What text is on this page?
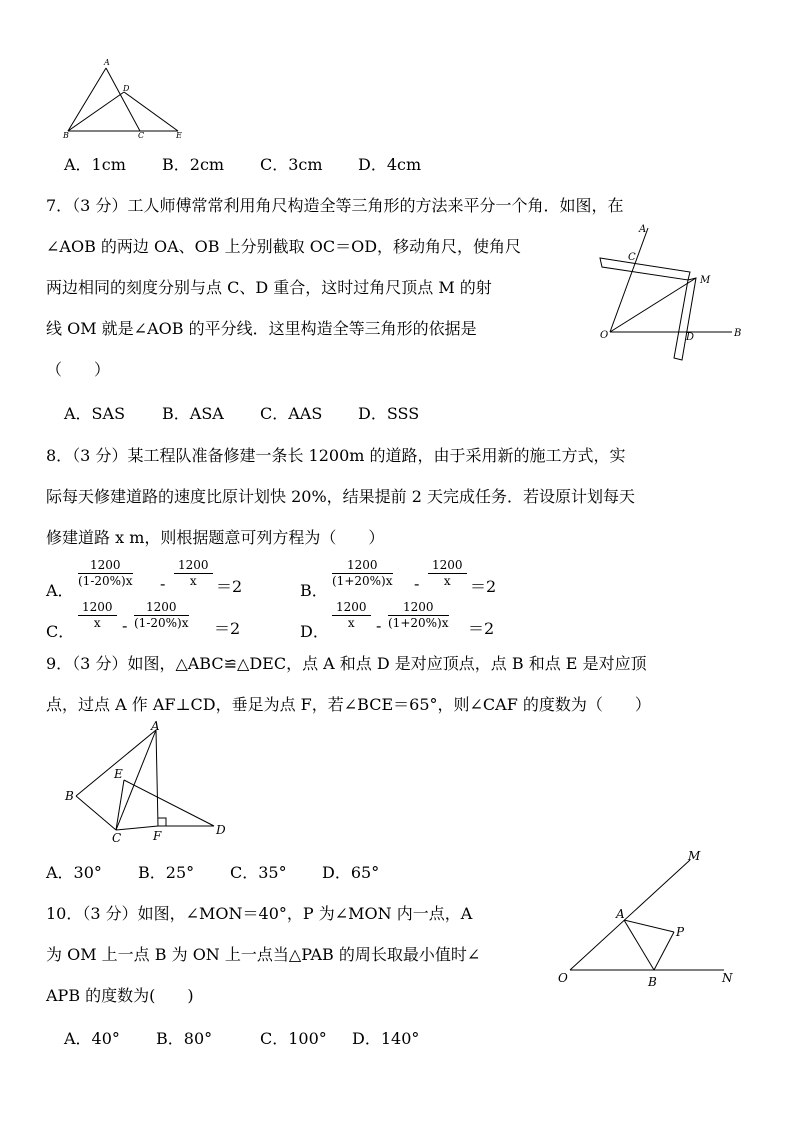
A
D
B	C	E
A．1cm B．2cm C．3cm D．4cm
7．（3 分）工人师傅常常利用角尺构造全等三角形的方法来平分一个角．如图，在
∠AOB 的两边 OA、OB 上分别截取 OC＝OD，移动角尺，使角尺
两边相同的刻度分别与点 C、D 重合，这时过角尺顶点 M 的射
线 OM 就是∠AOB 的平分线．这里构造全等三角形的依据是
（　　）
A
C
M
O	D	B
A．SAS B．ASA C．AAS D．SSS
8．（3 分）某工程队准备修建一条长 1200m 的道路，由于采用新的施工方式，实
际每天修建道路的速度比原计划快 20%，结果提前 2 天完成任务．若设原计划每天
修建道路 x m，则根据题意可列方程为（　　）
A．
$\frac{1200}{(1-20\%)x} - \frac{1200}{x} =2$	B．
$\frac{1200}{(1+20\%)x} - \frac{1200}{x} =2$
C．
$\frac{1200}{x} - \frac{1200}{(1-20\%)x} =2$	D．
$\frac{1200}{x} - \frac{1200}{(1+20\%)x} =2$
9．（3 分）如图，△ABC≌△DEC，点 A 和点 D 是对应顶点，点 B 和点 E 是对应顶
点，过点 A 作 AF⊥CD，垂足为点 F，若∠BCE＝65°，则∠CAF 的度数为（　　）
A
E
B
C	F	D
A．30° B．25° C．35° D．65°
10．（3 分）如图，∠MON＝40°，P 为∠MON 内一点，A
为 OM 上一点 B 为 ON 上一点当△PAB 的周长取最小值时∠
APB 的度数为(　　)
M
A
P
O	B	N
A．40° B．80°	C．100° D．140°
